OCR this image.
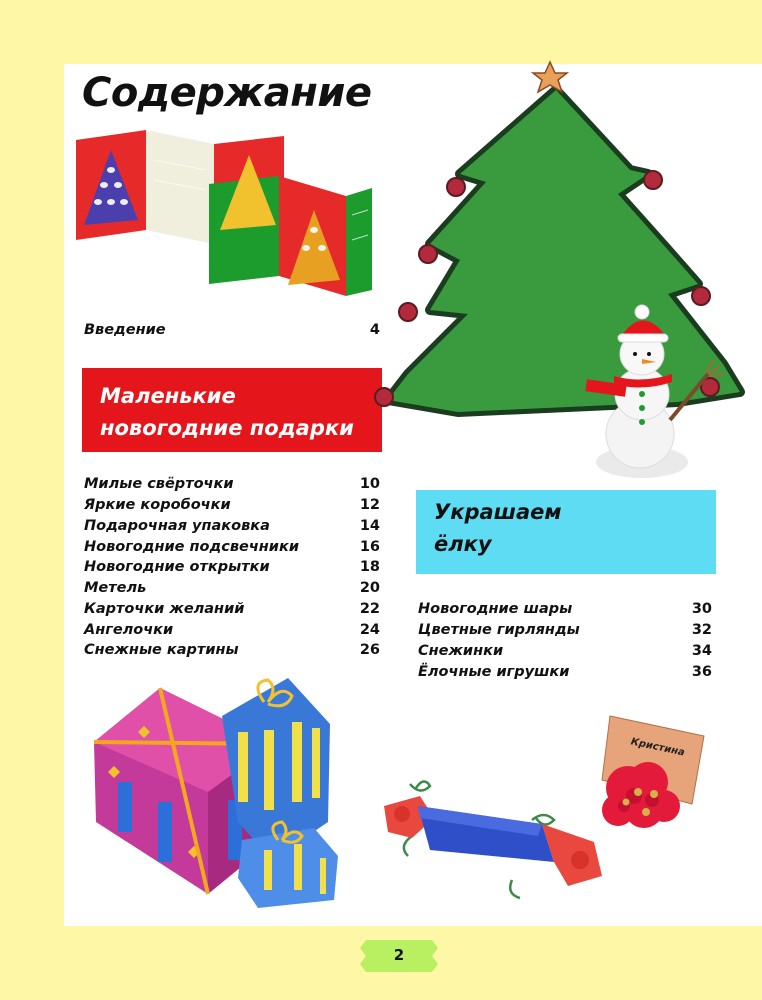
Содержание
Введение	4
Маленькие
новогодние подарки
Милые свёрточки	10
Яркие коробочки	12
Подарочная упаковка	14
Новогодние подсвечники	16
Новогодние открытки	18
Метель	20
Карточки желаний	22
Ангелочки	24
Снежные картины	26
Украшаем
ёлку
Новогодние шары	30
Цветные гирлянды	32
Снежинки	34
Ёлочные игрушки	36
Кристина
2
